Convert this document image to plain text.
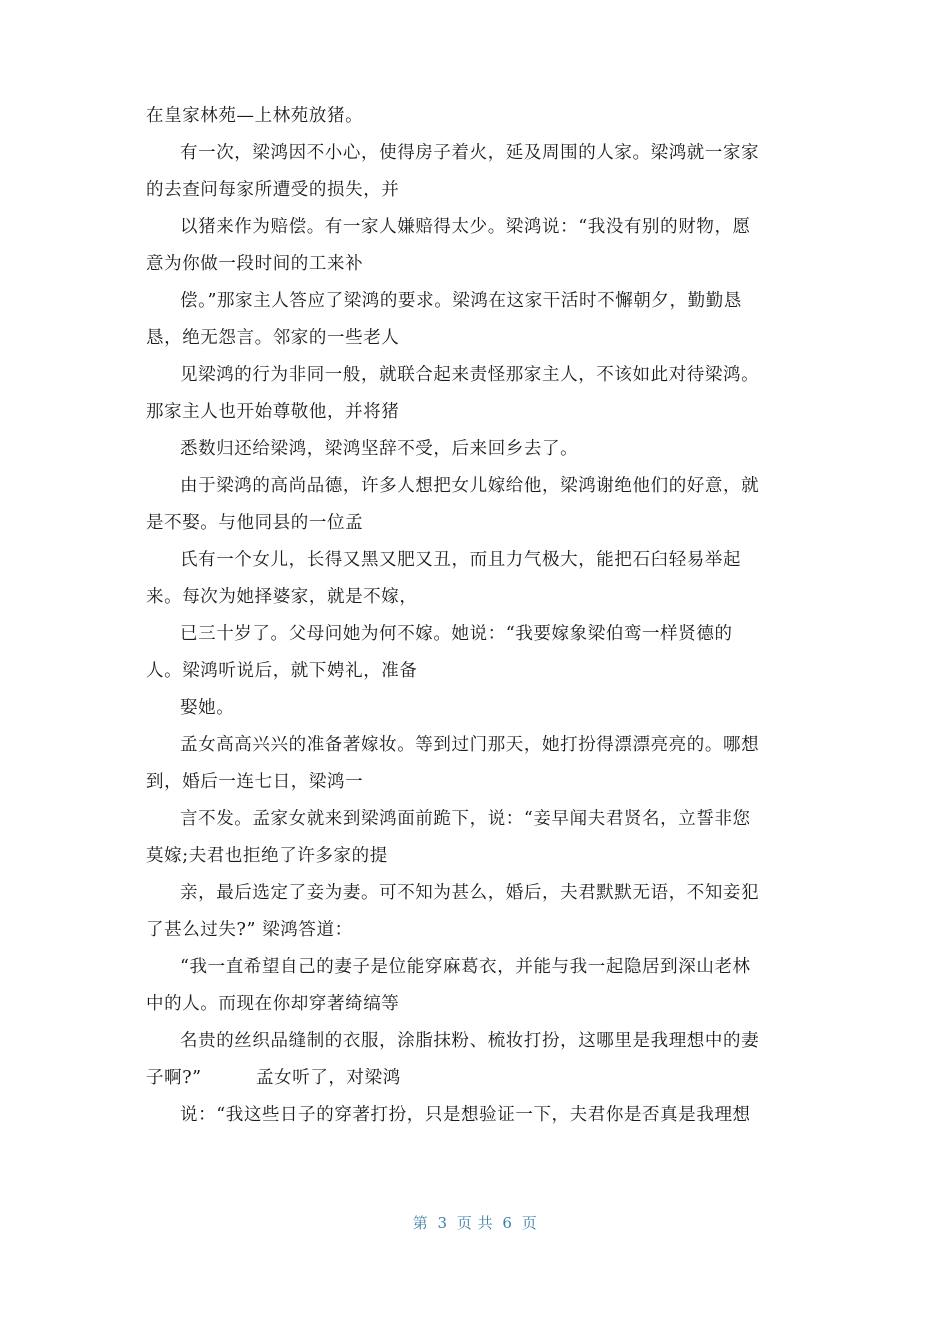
在皇家林苑—上林苑放猪。
有一次，梁鸿因不小心，使得房子着火，延及周围的人家。梁鸿就一家家
的去查问每家所遭受的损失，并
以猪来作为赔偿。有一家人嫌赔得太少。梁鸿说：“我没有别的财物，愿
意为你做一段时间的工来补
偿。”那家主人答应了梁鸿的要求。梁鸿在这家干活时不懈朝夕，勤勤恳
恳，绝无怨言。邻家的一些老人
见梁鸿的行为非同一般，就联合起来责怪那家主人，不该如此对待梁鸿。
那家主人也开始尊敬他，并将猪
悉数归还给梁鸿，梁鸿坚辞不受，后来回乡去了。
由于梁鸿的高尚品德，许多人想把女儿嫁给他，梁鸿谢绝他们的好意，就
是不娶。与他同县的一位孟
氏有一个女儿，长得又黑又肥又丑，而且力气极大，能把石臼轻易举起
来。每次为她择婆家，就是不嫁，
已三十岁了。父母问她为何不嫁。她说：“我要嫁象梁伯鸾一样贤德的
人。梁鸿听说后，就下娉礼，准备
娶她。
孟女高高兴兴的准备著嫁妆。等到过门那天，她打扮得漂漂亮亮的。哪想
到，婚后一连七日，梁鸿一
言不发。孟家女就来到梁鸿面前跪下，说：“妾早闻夫君贤名，立誓非您
莫嫁;夫君也拒绝了许多家的提
亲，最后选定了妾为妻。可不知为甚么，婚后，夫君默默无语，不知妾犯
了甚么过失?” 梁鸿答道：
“我一直希望自己的妻子是位能穿麻葛衣，并能与我一起隐居到深山老林
中的人。而现在你却穿著绮缟等
名贵的丝织品缝制的衣服，涂脂抹粉、梳妆打扮，这哪里是我理想中的妻
子啊?”　　　孟女听了，对梁鸿
说：“我这些日子的穿著打扮，只是想验证一下，夫君你是否真是我理想

第 3 页 共 6 页
